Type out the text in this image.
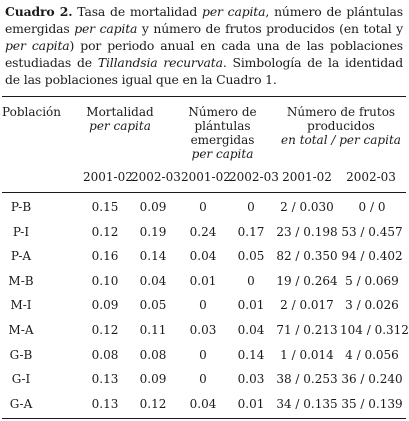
Cuadro 2. Tasa de mortalidad per capita, número de plántulas emergidas per capita y número de frutos producidos (en total y per capita) por periodo anual en cada una de las poblaciones estudiadas de Tillandsia recurvata. Simbología de la identidad de las poblaciones igual que en la Cuadro 1.
Población	Mortalidad
per capita
Número de
plántulas emergidas
per capita
Número de frutos
producidos
en total / per capita
2001-02
2002-03 2001-02
2002-03 2001-02 2002-03
P-B	0.15	0.09	0	0	2 / 0.030	0 / 0
P-I	0.12	0.19	0.24	0.17 23 / 0.198 53 / 0.457
P-A	0.16	0.14	0.04	0.05 82 / 0.350 94 / 0.402
M-B	0.10	0.04	0.01	0	19 / 0.264 5 / 0.069
M-I	0.09	0.05	0	0.01	2 / 0.017 3 / 0.026
M-A	0.12	0.11	0.03	0.04 71 / 0.213 104 / 0.312
G-B	0.08	0.08	0	0.14	1 / 0.014 4 / 0.056
G-I	0.13	0.09	0	0.03 38 / 0.253 36 / 0.240
G-A	0.13	0.12	0.04	0.01 34 / 0.135 35 / 0.139
